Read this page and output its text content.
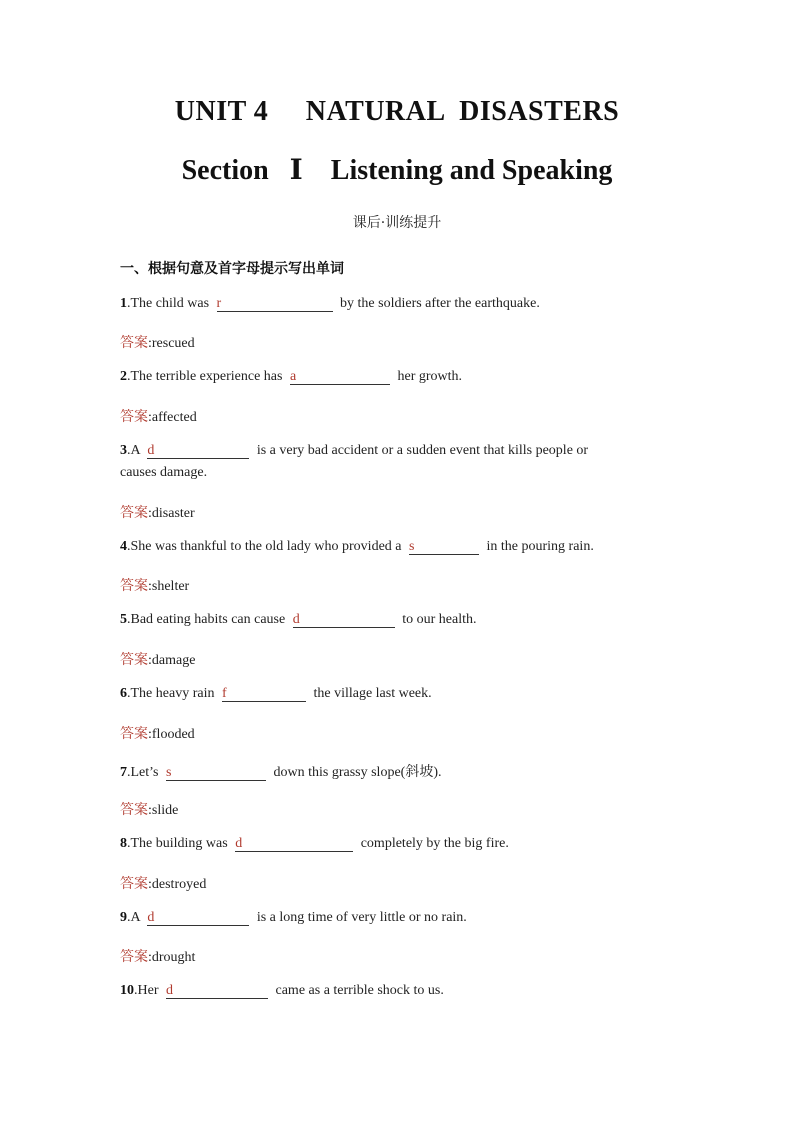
UNIT 4     NATURAL  DISASTERS
Section   Ⅰ    Listening and Speaking
课后·训练提升
一、根据句意及首字母提示写出单词
1.The child was r	by the soldiers after the earthquake.
答案:rescued
2.The terrible experience has a	her growth.
答案:affected
3.A d	is a very bad accident or a sudden event that kills people or
causes damage.
答案:disaster
4.She was thankful to the old lady who provided a s	in the pouring rain.
答案:shelter
5.Bad eating habits can cause d	to our health.
答案:damage
6.The heavy rain f	the village last week.
答案:flooded
7.Let’s s	down this grassy slope(斜坡).
答案:slide
8.The building was d	completely by the big fire.
答案:destroyed
9.A d	is a long time of very little or no rain.
答案:drought
10.Her d	came as a terrible shock to us.
